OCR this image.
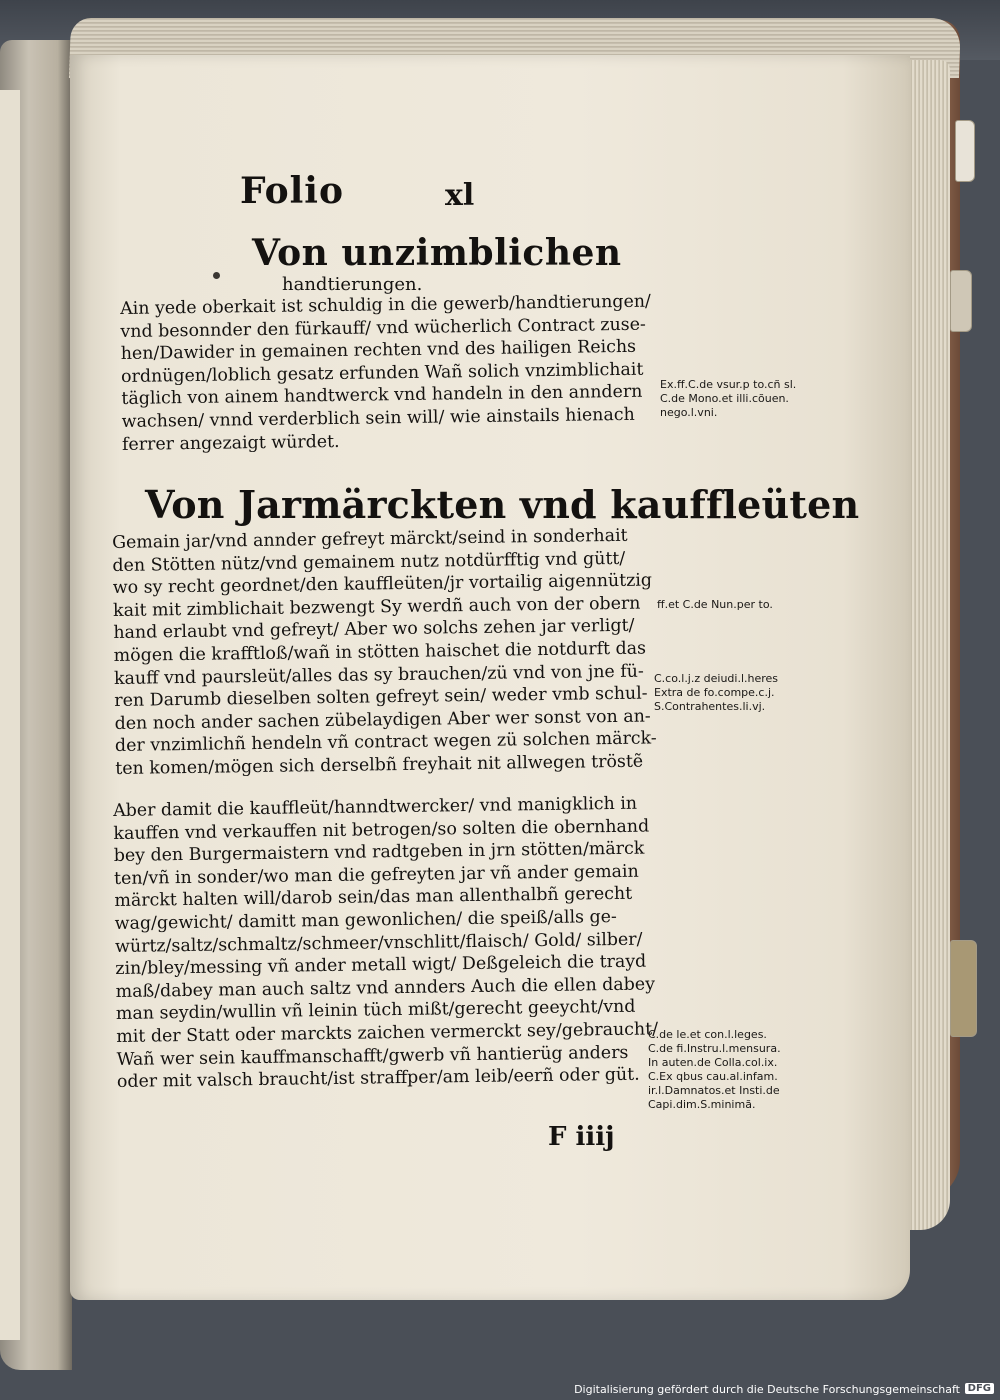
Folio	xl
Von unzimblichen
handtierungen.
Ain yede oberkait ist schuldig in die gewerb/handtierungen/
vnd besonnder den fürkauff/ vnd wücherlich Contract zuse-
hen/Dawider in gemainen rechten vnd des hailigen Reichs
ordnügen/loblich gesatz erfunden Wañ solich vnzimblichait
täglich von ainem handtwerck vnd handeln in den anndern
wachsen/ vnnd verderblich sein will/ wie ainstails hienach
ferrer angezaigt würdet.
Von Jarmärckten vnd kauffleüten
Gemain jar/vnd annder gefreyt märckt/seind in sonderhait
den Stötten nütz/vnd gemainem nutz notdürfftig vnd gütt/
wo sy recht geordnet/den kauffleüten/jr vortailig aigennützig
kait mit zimblichait bezwengt Sy werdñ auch von der obern
hand erlaubt vnd gefreyt/ Aber wo solchs zehen jar verligt/
mögen die krafftloß/wañ in stötten haischet die notdurft das
kauff vnd paursleüt/alles das sy brauchen/zü vnd von jne fü-
ren Darumb dieselben solten gefreyt sein/ weder vmb schul-
den noch ander sachen zübelaydigen Aber wer sonst von an-
der vnzimlichñ hendeln vñ contract wegen zü solchen märck-
ten komen/mögen sich derselbñ freyhait nit allwegen tröstẽ
Aber damit die kauffleüt/hanndtwercker/ vnd manigklich in
kauffen vnd verkauffen nit betrogen/so solten die obernhand
bey den Burgermaistern vnd radtgeben in jrn stötten/märck
ten/vñ in sonder/wo man die gefreyten jar vñ ander gemain
märckt halten will/darob sein/das man allenthalbñ gerecht
wag/gewicht/ damitt man gewonlichen/ die speiß/alls ge-
würtz/saltz/schmaltz/schmeer/vnschlitt/flaisch/ Gold/ silber/
zin/bley/messing vñ ander metall wigt/ Deßgeleich die trayd
maß/dabey man auch saltz vnd annders Auch die ellen dabey
man seydin/wullin vñ leinin tüch mißt/gerecht geeycht/vnd
mit der Statt oder marckts zaichen vermerckt sey/gebraucht/
Wañ wer sein kauffmanschafft/gwerb vñ hantierüg anders
oder mit valsch braucht/ist straffper/am leib/eerñ oder güt.
F iiij
Ex.ff.C.de vsur.p to.cñ sl.
C.de Mono.et illi.cõuen.
nego.l.vni.
ff.et C.de Nun.per to.
C.co.l.j.z deiudi.l.heres
Extra de fo.compe.c.j.
S.Contrahentes.li.vj.
C.de le.et con.l.leges.
C.de fi.Instru.l.mensura.
In auten.de Colla.col.ix.
C.Ex qbus cau.al.infam.
ir.l.Damnatos.et Insti.de
Capi.dim.S.minimã.
Digitalisierung gefördert durch die Deutsche Forschungsgemeinschaft DFG
